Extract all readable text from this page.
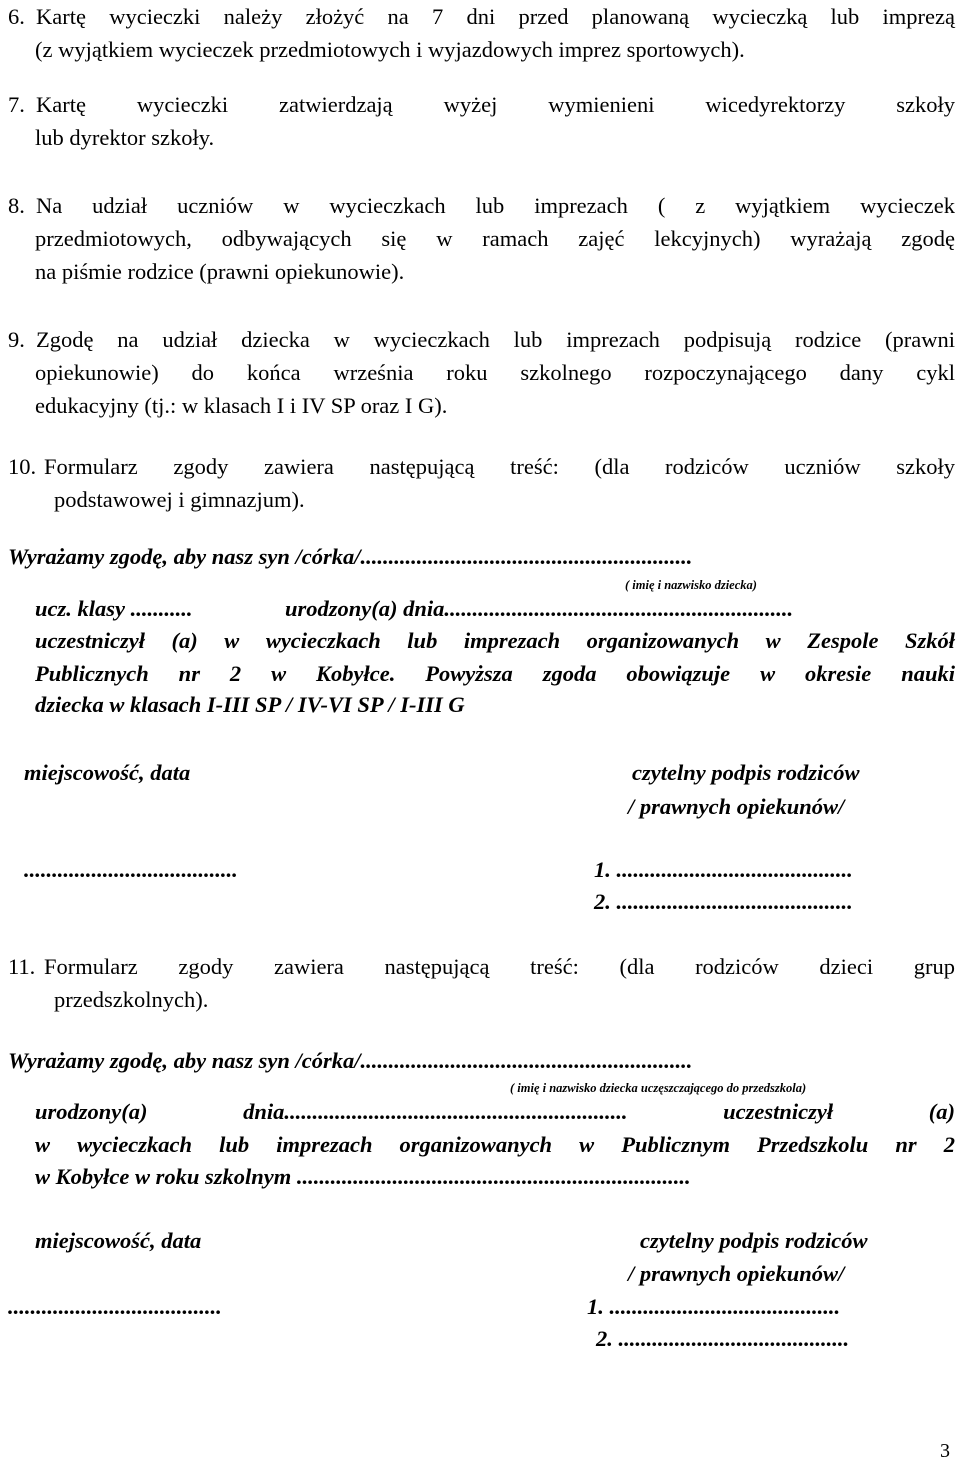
6. Kartę wycieczki należy złożyć na 7 dni przed planowaną wycieczką lub imprezą
(z wyjątkiem wycieczek przedmiotowych i wyjazdowych imprez sportowych).
7. Kartę wycieczki zatwierdzają wyżej wymienieni wicedyrektorzy szkoły
lub dyrektor szkoły.
8. Na udział uczniów w wycieczkach lub imprezach ( z wyjątkiem wycieczek
przedmiotowych, odbywających się w ramach zajęć lekcyjnych) wyrażają zgodę
na piśmie rodzice (prawni opiekunowie).
9. Zgodę na udział dziecka w wycieczkach lub imprezach podpisują rodzice (prawni
opiekunowie) do końca września roku szkolnego rozpoczynającego dany cykl
edukacyjny (tj.: w klasach I i IV SP oraz I G).
10. Formularz zgody zawiera następującą treść: (dla rodziców uczniów szkoły
podstawowej i gimnazjum).
11. Formularz zgody zawiera następującą treść: (dla rodziców dzieci grup
przedszkolnych).
Wyrażamy zgodę, aby nasz syn /córka/...........................................................
( imię i nazwisko dziecka)
ucz. klasy ...........	urodzony(a) dnia..............................................................
uczestniczył (a) w wycieczkach lub imprezach organizowanych w Zespole Szkół
Publicznych nr 2 w Kobyłce. Powyższa zgoda obowiązuje w okresie nauki
dziecka w klasach I-III SP / IV-VI SP / I-III G
miejscowość, data	czytelny podpis rodziców
/ prawnych opiekunów/
......................................	1. ..........................................
2. ..........................................
Wyrażamy zgodę, aby nasz syn /córka/...........................................................
( imię i nazwisko dziecka uczęszczającego do przedszkola)
urodzony(a) dnia............................................................. uczestniczył (a)
w wycieczkach lub imprezach organizowanych w Publicznym Przedszkolu nr 2
w Kobyłce w roku szkolnym ......................................................................
miejscowość, data	czytelny podpis rodziców
/ prawnych opiekunów/
......................................	1. .........................................
2. .........................................
3
